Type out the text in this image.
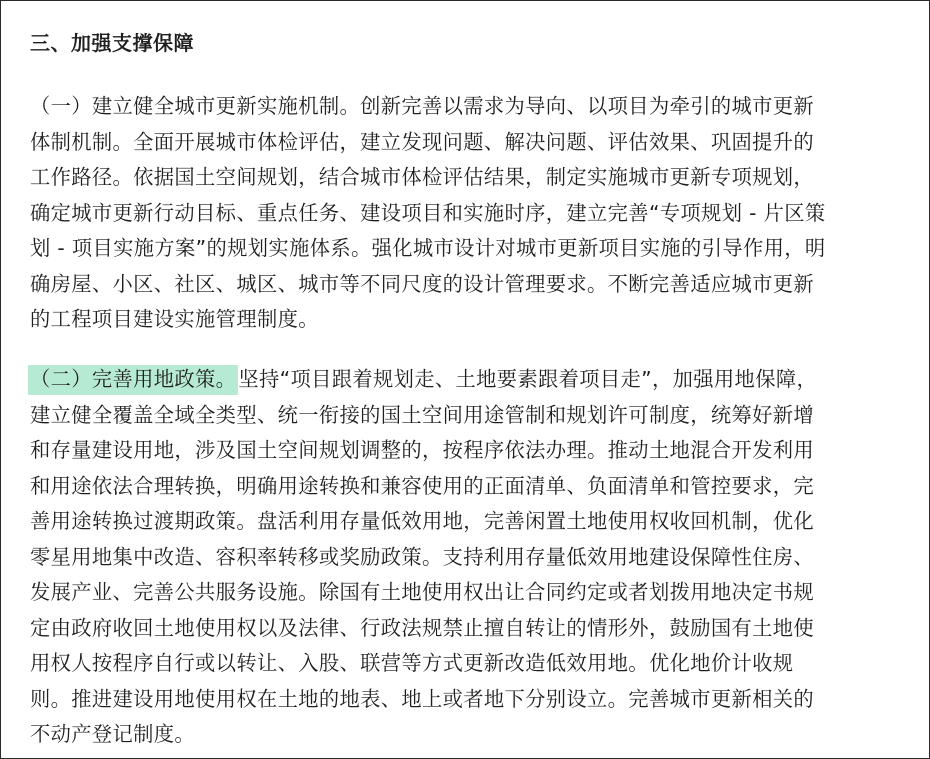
三、加强支撑保障
（一）建立健全城市更新实施机制。创新完善以需求为导向、以项目为牵引的城市更新
体制机制。全面开展城市体检评估，建立发现问题、解决问题、评估效果、巩固提升的
工作路径。依据国土空间规划，结合城市体检评估结果，制定实施城市更新专项规划，
确定城市更新行动目标、重点任务、建设项目和实施时序，建立完善“专项规划 - 片区策
划 - 项目实施方案”的规划实施体系。强化城市设计对城市更新项目实施的引导作用，明
确房屋、小区、社区、城区、城市等不同尺度的设计管理要求。不断完善适应城市更新
的工程项目建设实施管理制度。
（二）完善用地政策。坚持“项目跟着规划走、土地要素跟着项目走”，加强用地保障，
建立健全覆盖全域全类型、统一衔接的国土空间用途管制和规划许可制度，统筹好新增
和存量建设用地，涉及国土空间规划调整的，按程序依法办理。推动土地混合开发利用
和用途依法合理转换，明确用途转换和兼容使用的正面清单、负面清单和管控要求，完
善用途转换过渡期政策。盘活利用存量低效用地，完善闲置土地使用权收回机制，优化
零星用地集中改造、容积率转移或奖励政策。支持利用存量低效用地建设保障性住房、
发展产业、完善公共服务设施。除国有土地使用权出让合同约定或者划拨用地决定书规
定由政府收回土地使用权以及法律、行政法规禁止擅自转让的情形外，鼓励国有土地使
用权人按程序自行或以转让、入股、联营等方式更新改造低效用地。优化地价计收规
则。推进建设用地使用权在土地的地表、地上或者地下分别设立。完善城市更新相关的
不动产登记制度。
